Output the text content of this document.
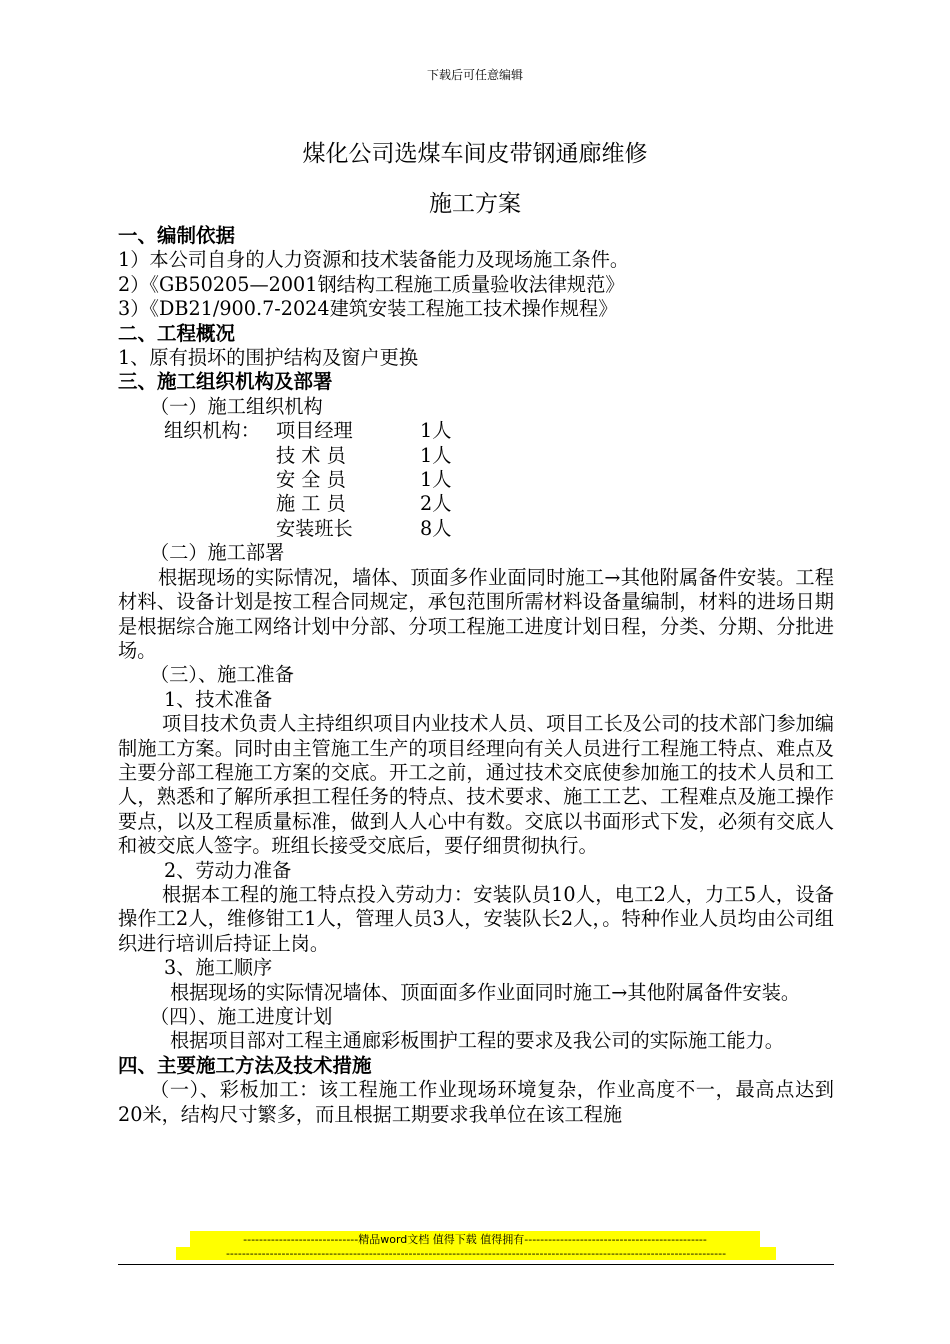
下载后可任意编辑
煤化公司选煤车间皮带钢通廊维修
施工方案

一、编制依据

1）本公司自身的人力资源和技术装备能力及现场施工条件。

2）《GB50205—2001钢结构工程施工质量验收法律规范》

3）《DB21/900.7-2024建筑安装工程施工技术操作规程》

二、工程概况

1、原有损坏的围护结构及窗户更换

三、施工组织机构及部署

（一）施工组织机构

组织机构： 项目经理	1人
技 术 员	1人
安 全 员	1人
施 工 员	2人
安装班长	8人

（二）施工部署

根据现场的实际情况，墙体、顶面多作业面同时施工→其他附属备件安装。工程材料、设备计划是按工程合同规定，承包范围所需材料设备量编制，材料的进场日期是根据综合施工网络计划中分部、分项工程施工进度计划日程，分类、分期、分批进场。

（三）、施工准备

1、技术准备

项目技术负责人主持组织项目内业技术人员、项目工长及公司的技术部门参加编制施工方案。同时由主管施工生产的项目经理向有关人员进行工程施工特点、难点及主要分部工程施工方案的交底。开工之前，通过技术交底使参加施工的技术人员和工人，熟悉和了解所承担工程任务的特点、技术要求、施工工艺、工程难点及施工操作要点，以及工程质量标准，做到人人心中有数。交底以书面形式下发，必须有交底人和被交底人签字。班组长接受交底后，要仔细贯彻执行。

2、劳动力准备

根据本工程的施工特点投入劳动力：安装队员10人，电工2人，力工5人，设备操作工2人，维修钳工1人，管理人员3人，安装队长2人，。特种作业人员均由公司组织进行培训后持证上岗。

3、施工顺序

根据现场的实际情况墙体、顶面面多作业面同时施工→其他附属备件安装。

（四）、施工进度计划

根据项目部对工程主通廊彩板围护工程的要求及我公司的实际施工能力。

四、主要施工方法及技术措施

（一）、彩板加工：该工程施工作业现场环境复杂，作业高度不一，最高点达到20米，结构尺寸繁多，而且根据工期要求我单位在该工程施

-----------------------------精品word文档 值得下载 值得拥有----------------------------------------------
------------------------------------------------------------------------------------------------------------------------------
